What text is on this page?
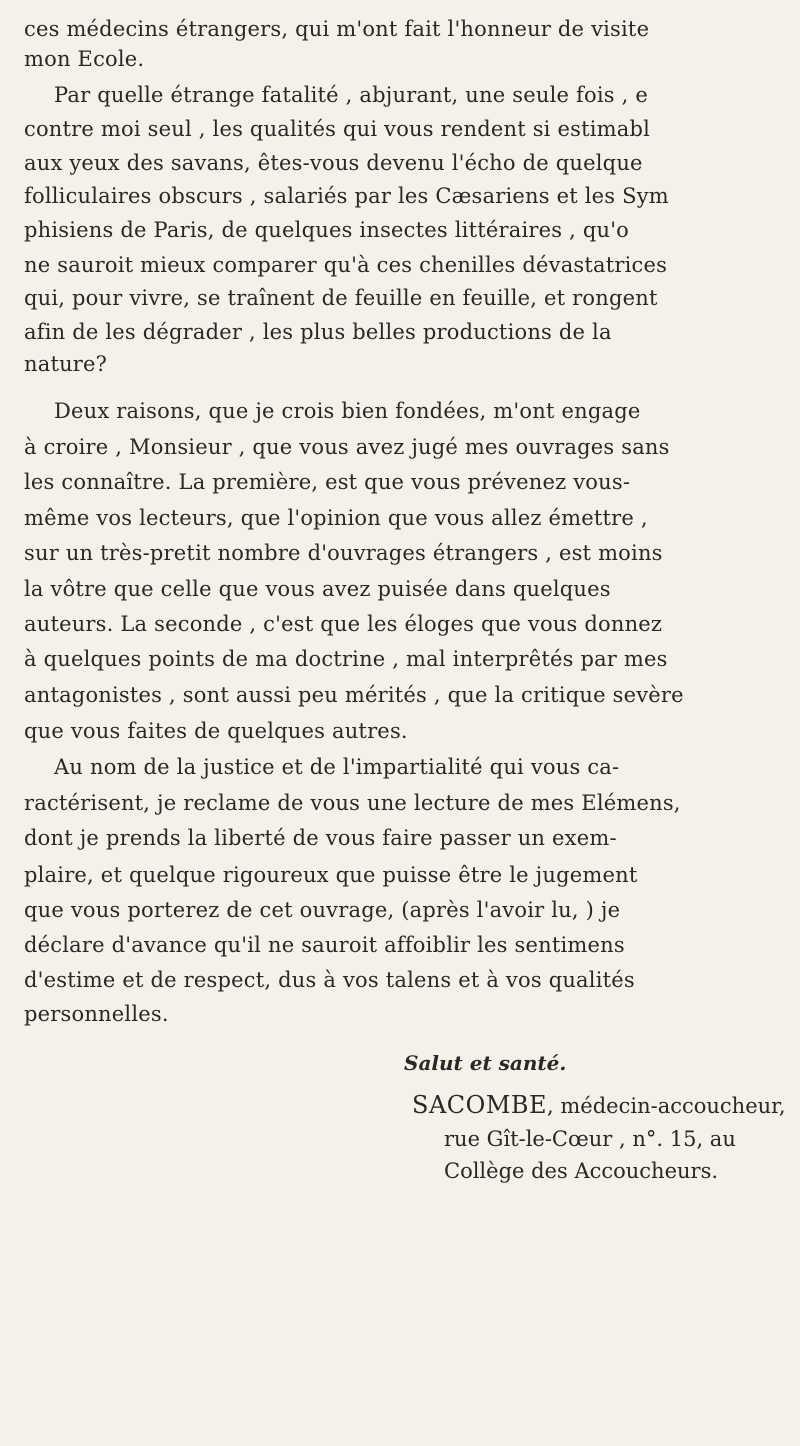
ces médecins étrangers, qui m'ont fait l'honneur de visite
mon Ecole.
Par quelle étrange fatalité , abjurant, une seule fois , e
contre moi seul , les qualités qui vous rendent si estimabl
aux yeux des savans, êtes-vous devenu l'écho de quelque
folliculaires obscurs , salariés par les Cæsariens et les Sym
phisiens de Paris, de quelques insectes littéraires , qu'o
ne sauroit mieux comparer qu'à ces chenilles dévastatrices
qui, pour vivre, se traînent de feuille en feuille, et rongent
afin de les dégrader , les plus belles productions de la
nature?
Deux raisons, que je crois bien fondées, m'ont engage
à croire , Monsieur , que vous avez jugé mes ouvrages sans
les connaître. La première, est que vous prévenez vous-
même vos lecteurs, que l'opinion que vous allez émettre ,
sur un très-pretit nombre d'ouvrages étrangers , est moins
la vôtre que celle que vous avez puisée dans quelques
auteurs. La seconde , c'est que les éloges que vous donnez
à quelques points de ma doctrine , mal interprêtés par mes
antagonistes , sont aussi peu mérités , que la critique sevère
que vous faites de quelques autres.
Au nom de la justice et de l'impartialité qui vous ca-
ractérisent, je reclame de vous une lecture de mes Elémens,
dont je prends la liberté de vous faire passer un exem-
plaire, et quelque rigoureux que puisse être le jugement
que vous porterez de cet ouvrage, (après l'avoir lu, ) je
déclare d'avance qu'il ne sauroit affoiblir les sentimens
d'estime et de respect, dus à vos talens et à vos qualités
personnelles.
Salut et santé.
SACOMBE, médecin-accoucheur,
rue Gît-le-Cœur , n°. 15, au
Collège des Accoucheurs.
